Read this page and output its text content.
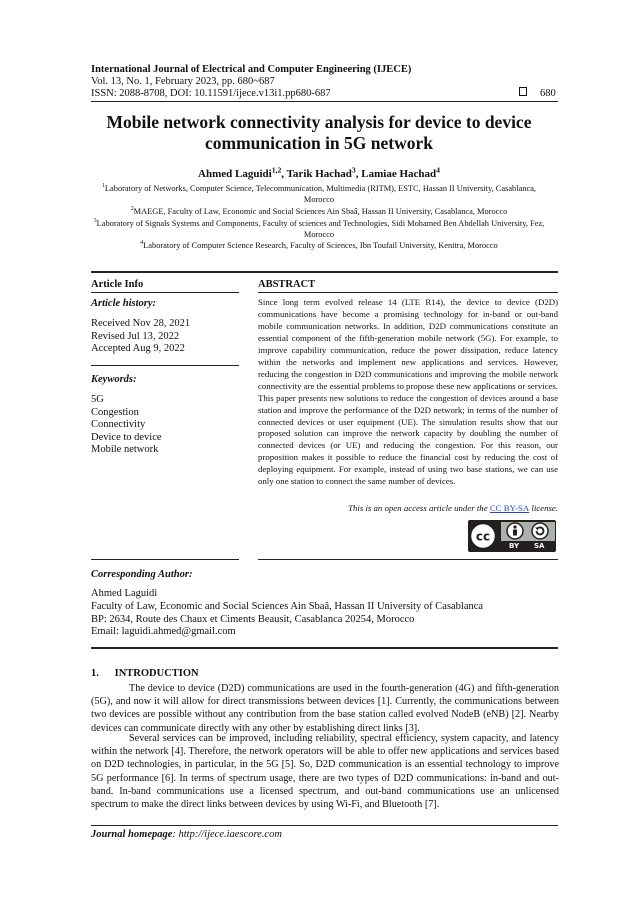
International Journal of Electrical and Computer Engineering (IJECE)
Vol. 13, No. 1, February 2023, pp. 680~687
ISSN: 2088-8708, DOI: 10.11591/ijece.v13i1.pp680-687	680
Mobile network connectivity analysis for device to device communication in 5G network
Ahmed Laguidi$^{1,2}$, Tarik Hachad$^3$, Lamiae Hachad$^4$
$^1$Laboratory of Networks, Computer Science, Telecommunication, Multimedia (RITM), ESTC, Hassan II University, Casablanca, Morocco
$^2$MAEGE, Faculty of Law, Economic and Social Sciences Ain Sbaâ, Hassan II University, Casablanca, Morocco
$^3$Laboratory of Signals Systems and Components, Faculty of sciences and Technologies, Sidi Mohamed Ben Abdellah University, Fez, Morocco
$^4$Laboratory of Computer Science Research, Faculty of Sciences, Ibn Toufail University, Kenitra, Morocco
Article Info	ABSTRACT
Article history:
Received Nov 28, 2021
Revised Jul 13, 2022
Accepted Aug 9, 2022
Keywords:
5G
Congestion
Connectivity
Device to device
Mobile network
Since long term evolved release 14 (LTE R14), the device to device (D2D) communications have become a promising technology for in-band or out-band mobile communication networks. In addition, D2D communications constitute an essential component of the fifth-generation mobile network (5G). For example, to improve capability communication, reduce the power dissipation, reduce latency within the networks and implement new applications and services. However, reducing the congestion in D2D communications and improving the mobile network connectivity are the essential problems to propose these new applications or services. This paper presents new solutions to reduce the congestion of devices around a base station and improve the performance of the D2D network; in terms of the number of connected devices or user equipment (UE). The simulation results show that our proposed solution can improve the network capacity by doubling the number of connected devices (or UE) and reducing the congestion. For this reason, our proposition makes it possible to reduce the financial cost by reducing the cost of deploying equipment. For example, instead of using two base stations, we can use only one station to connect the same number of devices.
This is an open access article under the CC BY-SA license.
cc
BY SA
Corresponding Author:
Ahmed Laguidi
Faculty of Law, Economic and Social Sciences Ain Sbaâ, Hassan II University of Casablanca
BP: 2634, Route des Chaux et Ciments Beausit, Casablanca 20254, Morocco
Email: laguidi.ahmed@gmail.com
1.      INTRODUCTION
The device to device (D2D) communications are used in the fourth-generation (4G) and fifth-generation (5G), and now it will allow for direct transmissions between devices [1]. Currently, the communications between two devices are possible without any contribution from the base station called evolved NodeB (eNB) [2]. Nearby devices can communicate directly with any other by establishing direct links [3].
Several services can be improved, including reliability, spectral efficiency, system capacity, and latency within the network [4]. Therefore, the network operators will be able to offer new applications and services based on D2D technologies, in particular, in the 5G [5]. So, D2D communication is an essential technology to improve 5G performance [6]. In terms of spectrum usage, there are two types of D2D communications: in-band and out-band. In-band communications use a licensed spectrum, and out-band communications use an unlicensed spectrum to make the direct links between devices by using Wi-Fi, and Bluetooth [7].
Journal homepage: http://ijece.iaescore.com
